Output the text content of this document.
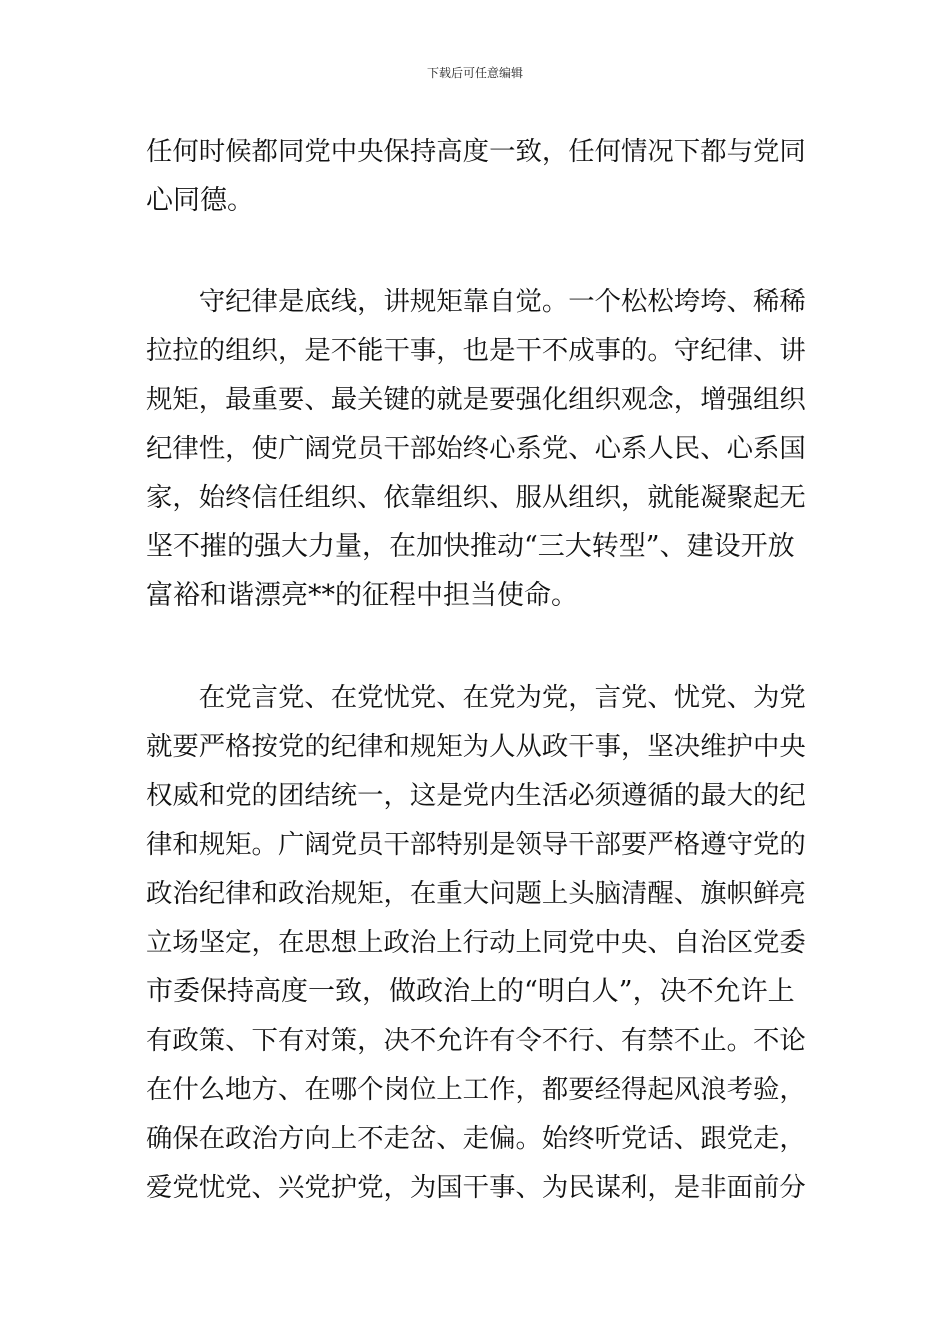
下载后可任意编辑
任何时候都同党中央保持高度一致，任何情况下都与党同
心同德。
　　守纪律是底线，讲规矩靠自觉。一个松松垮垮、稀稀
拉拉的组织，是不能干事，也是干不成事的。守纪律、讲
规矩，最重要、最关键的就是要强化组织观念，增强组织
纪律性，使广阔党员干部始终心系党、心系人民、心系国
家，始终信任组织、依靠组织、服从组织，就能凝聚起无
坚不摧的强大力量，在加快推动“三大转型”、建设开放
富裕和谐漂亮**的征程中担当使命。
　　在党言党、在党忧党、在党为党，言党、忧党、为党
就要严格按党的纪律和规矩为人从政干事，坚决维护中央
权威和党的团结统一，这是党内生活必须遵循的最大的纪
律和规矩。广阔党员干部特别是领导干部要严格遵守党的
政治纪律和政治规矩，在重大问题上头脑清醒、旗帜鲜亮
立场坚定，在思想上政治上行动上同党中央、自治区党委
市委保持高度一致，做政治上的“明白人”，决不允许上
有政策、下有对策，决不允许有令不行、有禁不止。不论
在什么地方、在哪个岗位上工作，都要经得起风浪考验，
确保在政治方向上不走岔、走偏。始终听党话、跟党走，
爱党忧党、兴党护党，为国干事、为民谋利，是非面前分
